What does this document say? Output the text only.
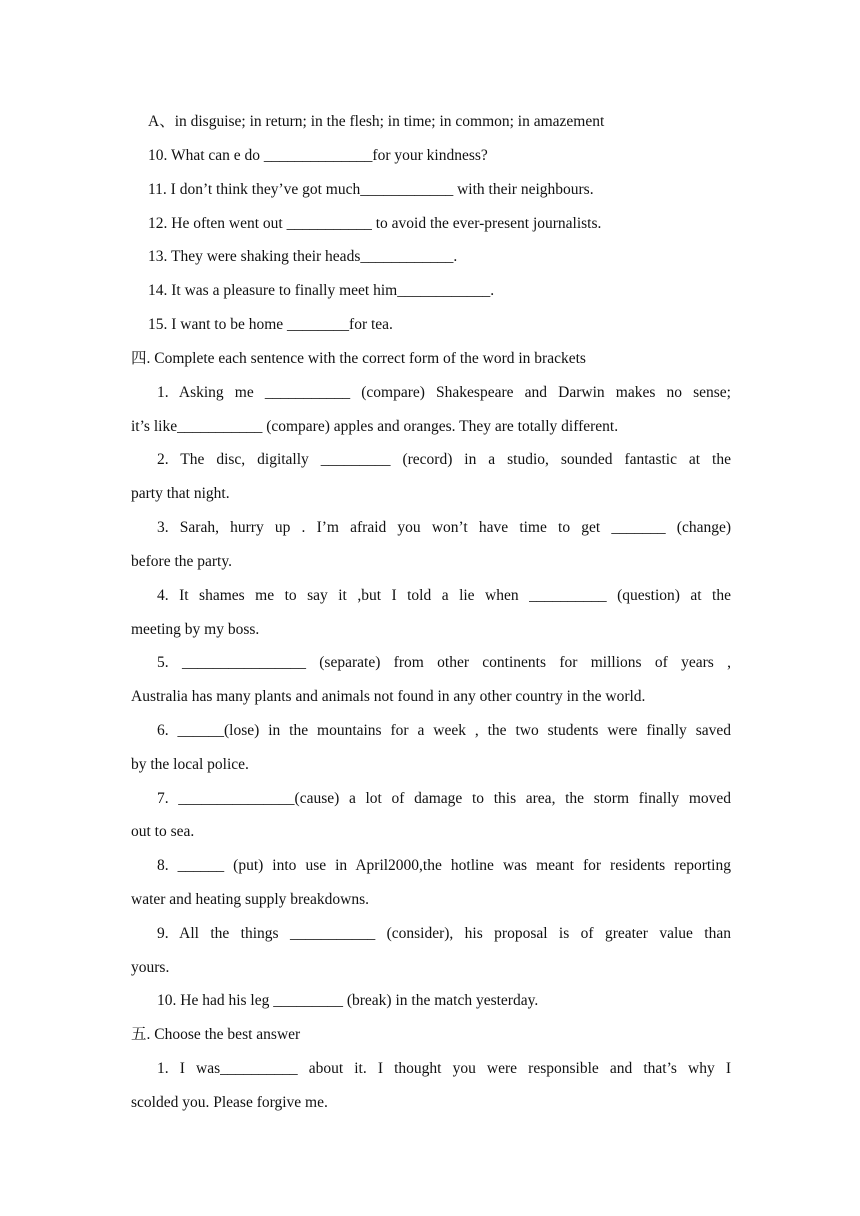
A、in disguise; in return; in the flesh; in time; in common; in amazement
10. What can e do ______________for your kindness?
11. I don’t think they’ve got much____________ with their neighbours.
12. He often went out ___________ to avoid the ever-present journalists.
13. They were shaking their heads____________.
14. It was a pleasure to finally meet him____________.
15. I want to be home ________for tea.
四. Complete each sentence with the correct form of the word in brackets
1. Asking me ___________ (compare) Shakespeare and Darwin makes no sense;
it’s like___________ (compare) apples and oranges. They are totally different.
2. The disc, digitally _________ (record) in a studio, sounded fantastic at the
party that night.
3. Sarah, hurry up . I’m afraid you won’t have time to get _______ (change)
before the party.
4. It shames me to say it ,but I told a lie when __________ (question) at the
meeting by my boss.
5. ________________ (separate) from other continents for millions of years ,
Australia has many plants and animals not found in any other country in the world.
6. ______(lose) in the mountains for a week , the two students were finally saved
by the local police.
7. _______________(cause) a lot of damage to this area, the storm finally moved
out to sea.
8. ______ (put) into use in April2000,the hotline was meant for residents reporting
water and heating supply breakdowns.
9. All the things ___________ (consider), his proposal is of greater value than
yours.
10. He had his leg _________ (break) in the match yesterday.
五. Choose the best answer
1. I was__________ about it. I thought you were responsible and that’s why I
scolded you. Please forgive me.
